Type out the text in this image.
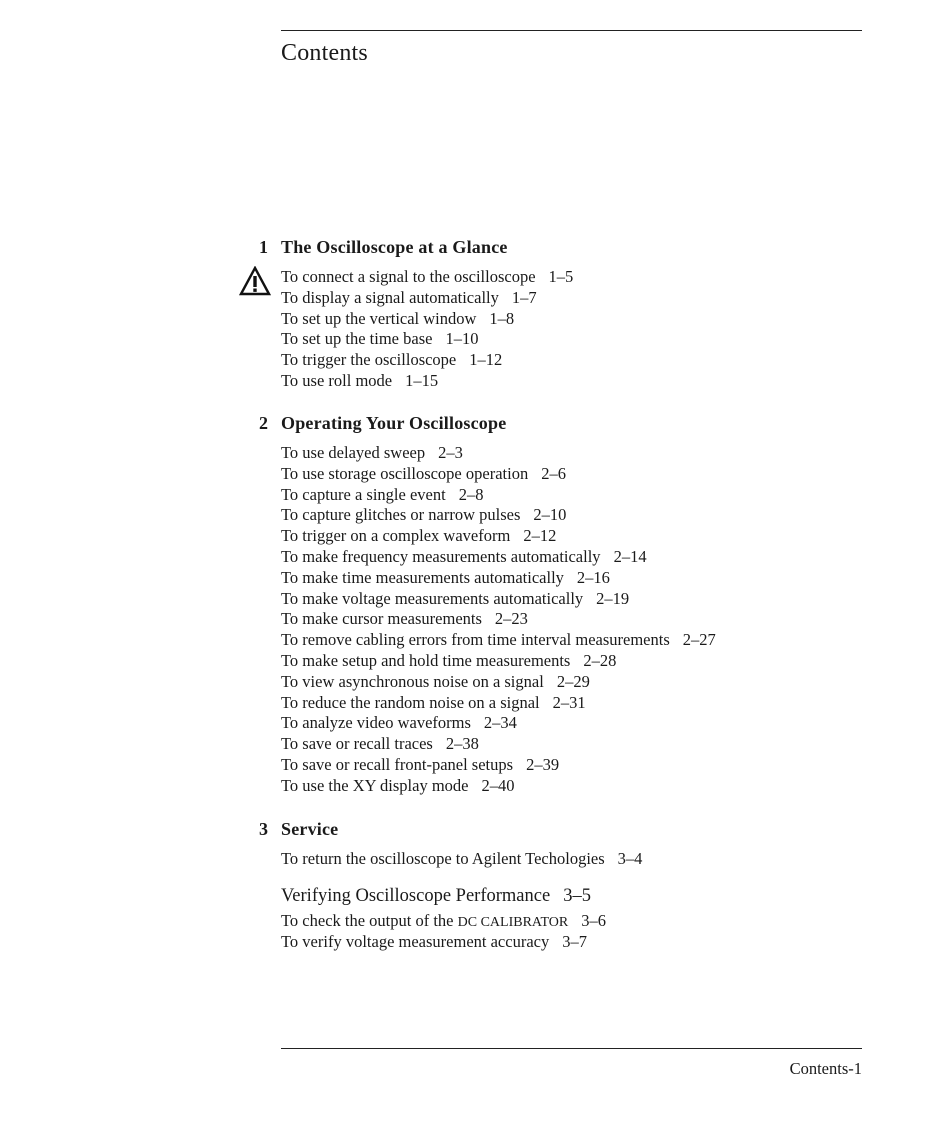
Contents
1 The Oscilloscope at a Glance
To connect a signal to the oscilloscope 1–5
To display a signal automatically 1–7
To set up the vertical window 1–8
To set up the time base 1–10
To trigger the oscilloscope 1–12
To use roll mode 1–15
2 Operating Your Oscilloscope
To use delayed sweep 2–3
To use storage oscilloscope operation 2–6
To capture a single event 2–8
To capture glitches or narrow pulses 2–10
To trigger on a complex waveform 2–12
To make frequency measurements automatically 2–14
To make time measurements automatically 2–16
To make voltage measurements automatically 2–19
To make cursor measurements 2–23
To remove cabling errors from time interval measurements 2–27
To make setup and hold time measurements 2–28
To view asynchronous noise on a signal 2–29
To reduce the random noise on a signal 2–31
To analyze video waveforms 2–34
To save or recall traces 2–38
To save or recall front-panel setups 2–39
To use the XY display mode 2–40
3 Service
To return the oscilloscope to Agilent Techologies 3–4
Verifying Oscilloscope Performance 3–5
To check the output of the DC CALIBRATOR 3–6
To verify voltage measurement accuracy 3–7
Contents-1
